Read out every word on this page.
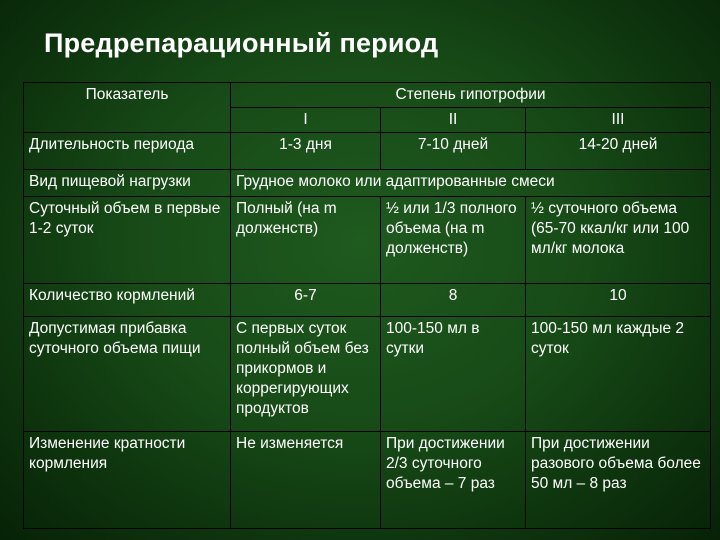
Предрепарационный период
Показатель	Степень гипотрофии		
	I	II	III
Длительность периода	1-3 дня	7-10 дней	14-20 дней
Вид пищевой нагрузки	Грудное молоко или адаптированные смеси		
Суточный объем в первые 1-2 суток	Полный (на m долженств)	½ или 1/3 полного объема (на m долженств)	½ суточного объема (65-70 ккал/кг или 100 мл/кг молока
Количество кормлений	6-7	8	10
Допустимая прибавка суточного объема пищи	С первых суток полный объем без прикормов и коррегирующих продуктов	100-150 мл в сутки	100-150 мл каждые 2 суток
Изменение кратности кормления	Не изменяется	При достижении 2/3 суточного объема – 7 раз	При достижении разового объема более 50 мл – 8 раз
